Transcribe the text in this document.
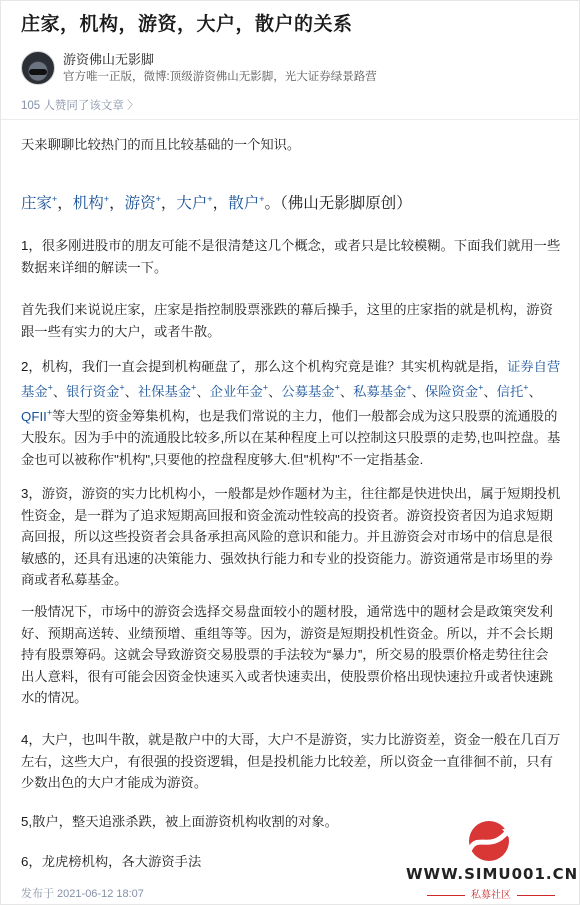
庄家，机构，游资，大户，散户的关系
游资佛山无影脚
官方唯一正版，微博:顶级游资佛山无影脚，光大证券绿景路营
105 人赞同了该文章 〉

天来聊聊比较热门的而且比较基础的一个知识。

庄家+，机构+，游资+，大户+，散户+。（佛山无影脚原创）

1，很多刚进股市的朋友可能不是很清楚这几个概念，或者只是比较模糊。下面我们就用一些数据来详细的解读一下。

首先我们来说说庄家，庄家是指控制股票涨跌的幕后操手，这里的庄家指的就是机构，游资跟一些有实力的大户，或者牛散。

2，机构，我们一直会提到机构砸盘了，那么这个机构究竟是谁？其实机构就是指，证券自营基金+、银行资金+、社保基金+、企业年金+、公募基金+、私募基金+、保险资金+、信托+、QFII+等大型的资金筹集机构，也是我们常说的主力，他们一般都会成为这只股票的流通股的大股东。因为手中的流通股比较多,所以在某种程度上可以控制这只股票的走势,也叫控盘。基金也可以被称作"机构",只要他的控盘程度够大.但"机构"不一定指基金.

3，游资，游资的实力比机构小，一般都是炒作题材为主，往往都是快进快出，属于短期投机性资金，是一群为了追求短期高回报和资金流动性较高的投资者。游资投资者因为追求短期高回报，所以这些投资者会具备承担高风险的意识和能力。并且游资会对市场中的信息是很敏感的，还具有迅速的决策能力、强效执行能力和专业的投资能力。游资通常是市场里的券商或者私募基金。

一般情况下，市场中的游资会选择交易盘面较小的题材股，通常选中的题材会是政策突发利好、预期高送转、业绩预增、重组等等。因为，游资是短期投机性资金。所以，并不会长期持有股票筹码。这就会导致游资交易股票的手法较为“暴力”，所交易的股票价格走势往往会出人意料，很有可能会因资金快速买入或者快速卖出，使股票价格出现快速拉升或者快速跳水的情况。

4，大户，也叫牛散，就是散户中的大哥，大户不是游资，实力比游资差，资金一般在几百万左右，这些大户，有很强的投资逻辑，但是投机能力比较差，所以资金一直徘徊不前，只有少数出色的大户才能成为游资。

5,散户，整天追涨杀跌，被上面游资机构收割的对象。

6，龙虎榜机构，各大游资手法

发布于 2021-06-12 18:07
WWW.SIMU001.CN
私募社区
